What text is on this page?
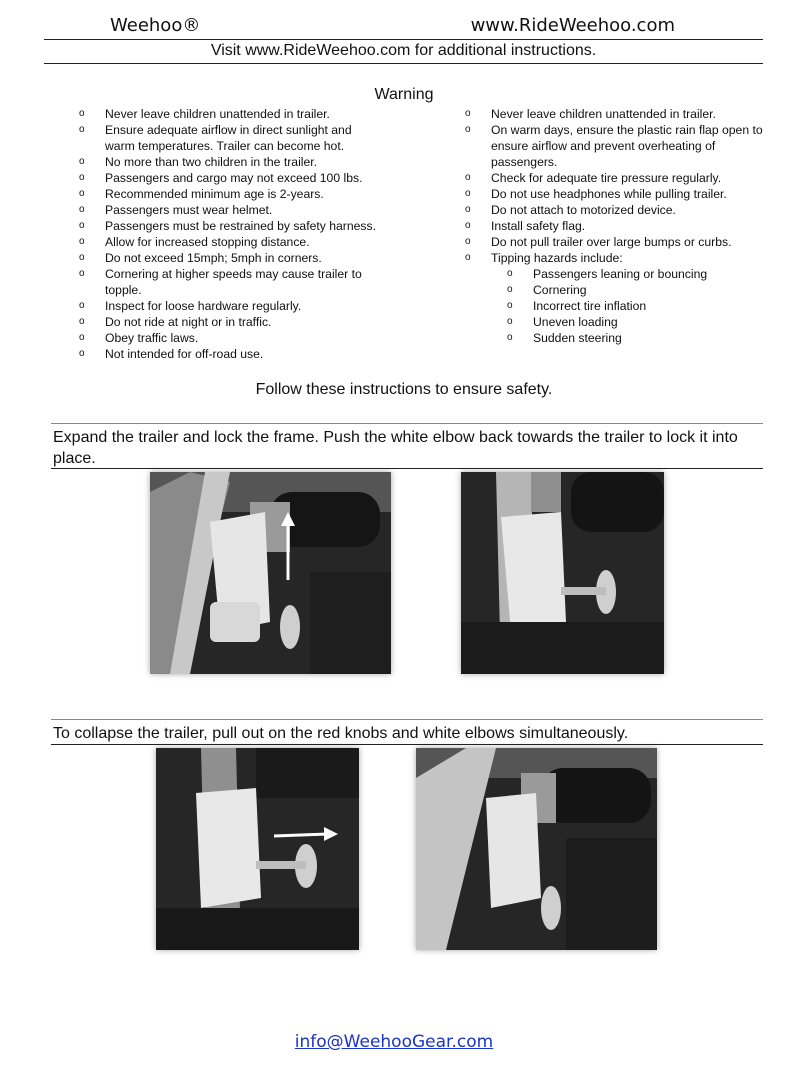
Weehoo®	www.RideWeehoo.com
Visit www.RideWeehoo.com for additional instructions.
Warning
o Never leave children unattended in trailer.
o Ensure adequate airflow in direct sunlight and warm temperatures. Trailer can become hot.
o No more than two children in the trailer.
o Passengers and cargo may not exceed 100 lbs.
o Recommended minimum age is 2-years.
o Passengers must wear helmet.
o Passengers must be restrained by safety harness.
o Allow for increased stopping distance.
o Do not exceed 15mph; 5mph in corners.
o Cornering at higher speeds may cause trailer to topple.
o Inspect for loose hardware regularly.
o Do not ride at night or in traffic.
o Obey traffic laws.
o Not intended for off-road use.
o Never leave children unattended in trailer.
o On warm days, ensure the plastic rain flap open to ensure airflow and prevent overheating of passengers.
o Check for adequate tire pressure regularly.
o Do not use headphones while pulling trailer.
o Do not attach to motorized device.
o Install safety flag.
o Do not pull trailer over large bumps or curbs.
o Tipping hazards include:
o Passengers leaning or bouncing
o Cornering
o Incorrect tire inflation
o Uneven loading
o Sudden steering
Follow these instructions to ensure safety.
Expand the trailer and lock the frame. Push the white elbow back towards the trailer to lock it into place.
To collapse the trailer, pull out on the red knobs and white elbows simultaneously.
info@WeehooGear.com
